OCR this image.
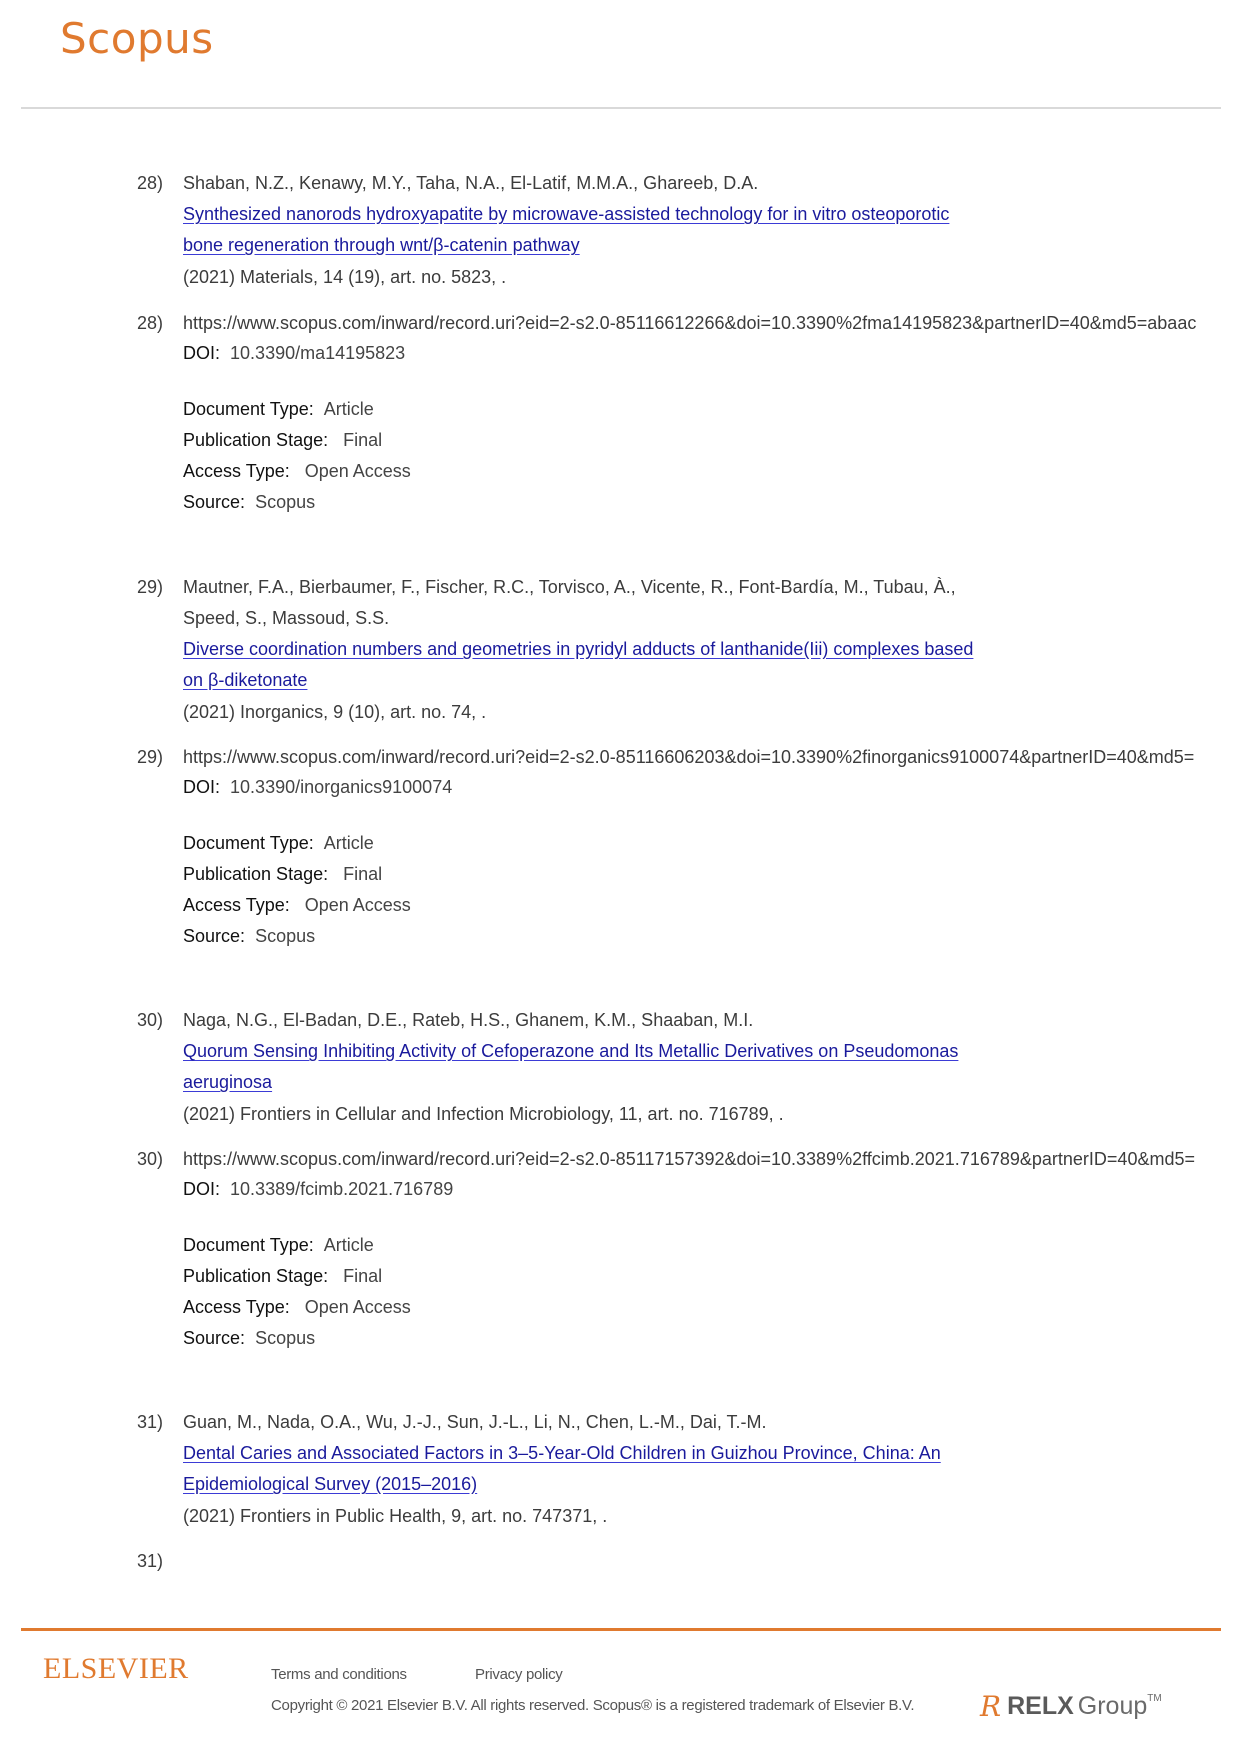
Scopus
28) Shaban, N.Z., Kenawy, M.Y., Taha, N.A., El-Latif, M.M.A., Ghareeb, D.A.
Synthesized nanorods hydroxyapatite by microwave-assisted technology for in vitro osteoporotic
bone regeneration through wnt/β-catenin pathway
(2021) Materials, 14 (19), art. no. 5823, .
28) https://www.scopus.com/inward/record.uri?eid=2-s2.0-85116612266&doi=10.3390%2fma14195823&partnerID=40&md5=abaac
DOI: 10.3390/ma14195823
Document Type: Article
Publication Stage: Final
Access Type: Open Access
Source: Scopus
29) Mautner, F.A., Bierbaumer, F., Fischer, R.C., Torvisco, A., Vicente, R., Font-Bardía, M., Tubau, À.,
Speed, S., Massoud, S.S.
Diverse coordination numbers and geometries in pyridyl adducts of lanthanide(Iii) complexes based
on β-diketonate
(2021) Inorganics, 9 (10), art. no. 74, .
29) https://www.scopus.com/inward/record.uri?eid=2-s2.0-85116606203&doi=10.3390%2finorganics9100074&partnerID=40&md5=
DOI: 10.3390/inorganics9100074
Document Type: Article
Publication Stage: Final
Access Type: Open Access
Source: Scopus
30) Naga, N.G., El-Badan, D.E., Rateb, H.S., Ghanem, K.M., Shaaban, M.I.
Quorum Sensing Inhibiting Activity of Cefoperazone and Its Metallic Derivatives on Pseudomonas
aeruginosa
(2021) Frontiers in Cellular and Infection Microbiology, 11, art. no. 716789, .
30) https://www.scopus.com/inward/record.uri?eid=2-s2.0-85117157392&doi=10.3389%2ffcimb.2021.716789&partnerID=40&md5=
DOI: 10.3389/fcimb.2021.716789
Document Type: Article
Publication Stage: Final
Access Type: Open Access
Source: Scopus
31) Guan, M., Nada, O.A., Wu, J.-J., Sun, J.-L., Li, N., Chen, L.-M., Dai, T.-M.
Dental Caries and Associated Factors in 3–5-Year-Old Children in Guizhou Province, China: An
Epidemiological Survey (2015–2016)
(2021) Frontiers in Public Health, 9, art. no. 747371, .
31)
ELSEVIER	Terms and conditions	Privacy policy
Copyright © 2021 Elsevier B.V. All rights reserved. Scopus® is a registered trademark of Elsevier B.V. R RELX Group TM
